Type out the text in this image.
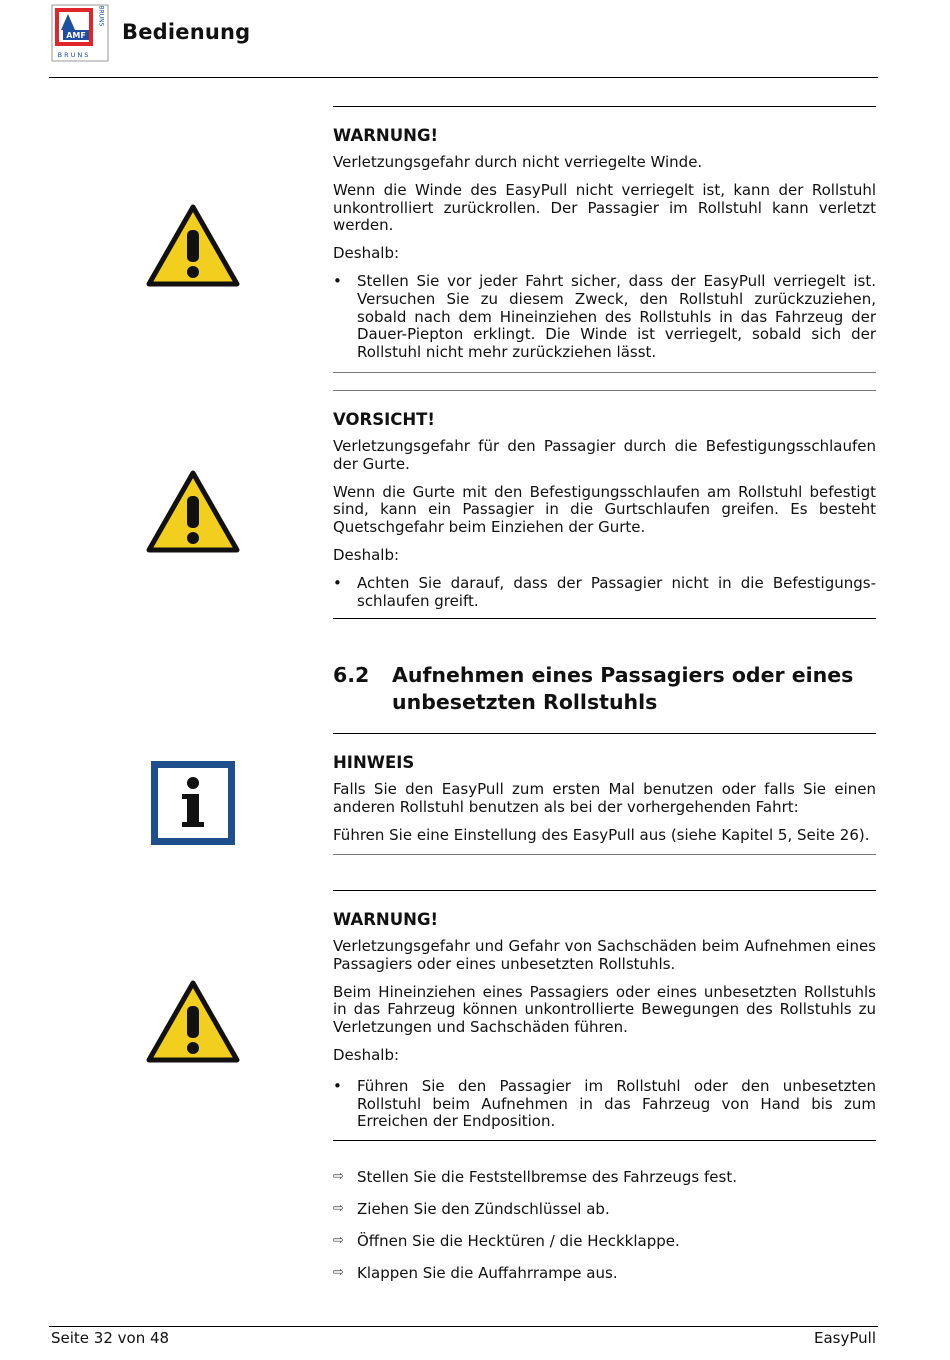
AMF
BRUNS
BRUNS
Bedienung
WARNUNG!

Verletzungsgefahr durch nicht verriegelte Winde.

Wenn die Winde des EasyPull nicht verriegelt ist, kann der Rollstuhl unkontrolliert zurückrollen. Der Passagier im Rollstuhl kann verletzt werden.

Deshalb:

• Stellen Sie vor jeder Fahrt sicher, dass der EasyPull verriegelt ist. Versuchen Sie zu diesem Zweck, den Rollstuhl zurückzuziehen, sobald nach dem Hineinziehen des Rollstuhls in das Fahrzeug der Dauer-Piepton erklingt. Die Winde ist verriegelt, sobald sich der Rollstuhl nicht mehr zurückziehen lässt.
VORSICHT!

Verletzungsgefahr für den Passagier durch die Befestigungsschlaufen der Gurte.

Wenn die Gurte mit den Befestigungsschlaufen am Rollstuhl befestigt sind, kann ein Passagier in die Gurtschlaufen greifen. Es besteht Quetschgefahr beim Einziehen der Gurte.

Deshalb:

• Achten Sie darauf, dass der Passagier nicht in die Befestigungs-schlaufen greift.
6.2 Aufnehmen eines Passagiers oder eines unbesetzten Rollstuhls
HINWEIS

Falls Sie den EasyPull zum ersten Mal benutzen oder falls Sie einen anderen Rollstuhl benutzen als bei der vorhergehenden Fahrt:

Führen Sie eine Einstellung des EasyPull aus (siehe Kapitel 5, Seite 26).

WARNUNG!

Verletzungsgefahr und Gefahr von Sachschäden beim Aufnehmen eines Passagiers oder eines unbesetzten Rollstuhls.

Beim Hineinziehen eines Passagiers oder eines unbesetzten Rollstuhls in das Fahrzeug können unkontrollierte Bewegungen des Rollstuhls zu Verletzungen und Sachschäden führen.

Deshalb:

• Führen Sie den Passagier im Rollstuhl oder den unbesetzten Rollstuhl beim Aufnehmen in das Fahrzeug von Hand bis zum Erreichen der Endposition.
⇨ Stellen Sie die Feststellbremse des Fahrzeugs fest.
⇨ Ziehen Sie den Zündschlüssel ab.
⇨ Öffnen Sie die Hecktüren / die Heckklappe.
⇨ Klappen Sie die Auffahrrampe aus.
Seite 32 von 48	EasyPull
